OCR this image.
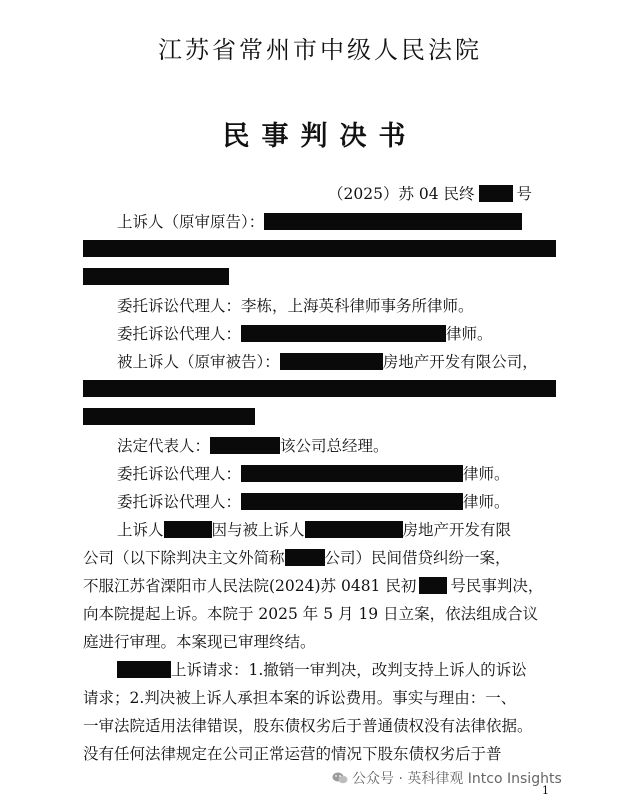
江苏省常州市中级人民法院
民事判决书
（2025）苏 04 民终	号
上诉人（原审原告）：
委托诉讼代理人：李栋，上海英科律师事务所律师。
委托诉讼代理人：	律师。
被上诉人（原审被告）：	房地产开发有限公司，
法定代表人：	该公司总经理。
委托诉讼代理人：	律师。
委托诉讼代理人：	律师。
上诉人	因与被上诉人	房地产开发有限
公司（以下除判决主文外简称	公司）民间借贷纠纷一案，
不服江苏省溧阳市人民法院(2024)苏 0481 民初 号民事判决，
向本院提起上诉。本院于 2025 年 5 月 19 日立案，依法组成合议
庭进行审理。本案现已审理终结。
上诉请求：1.撤销一审判决，改判支持上诉人的诉讼
请求；2.判决被上诉人承担本案的诉讼费用。事实与理由：一、
一审法院适用法律错误，股东债权劣后于普通债权没有法律依据。
没有任何法律规定在公司正常运营的情况下股东债权劣后于普
公众号 · 英科律观 Intco Insights
1
